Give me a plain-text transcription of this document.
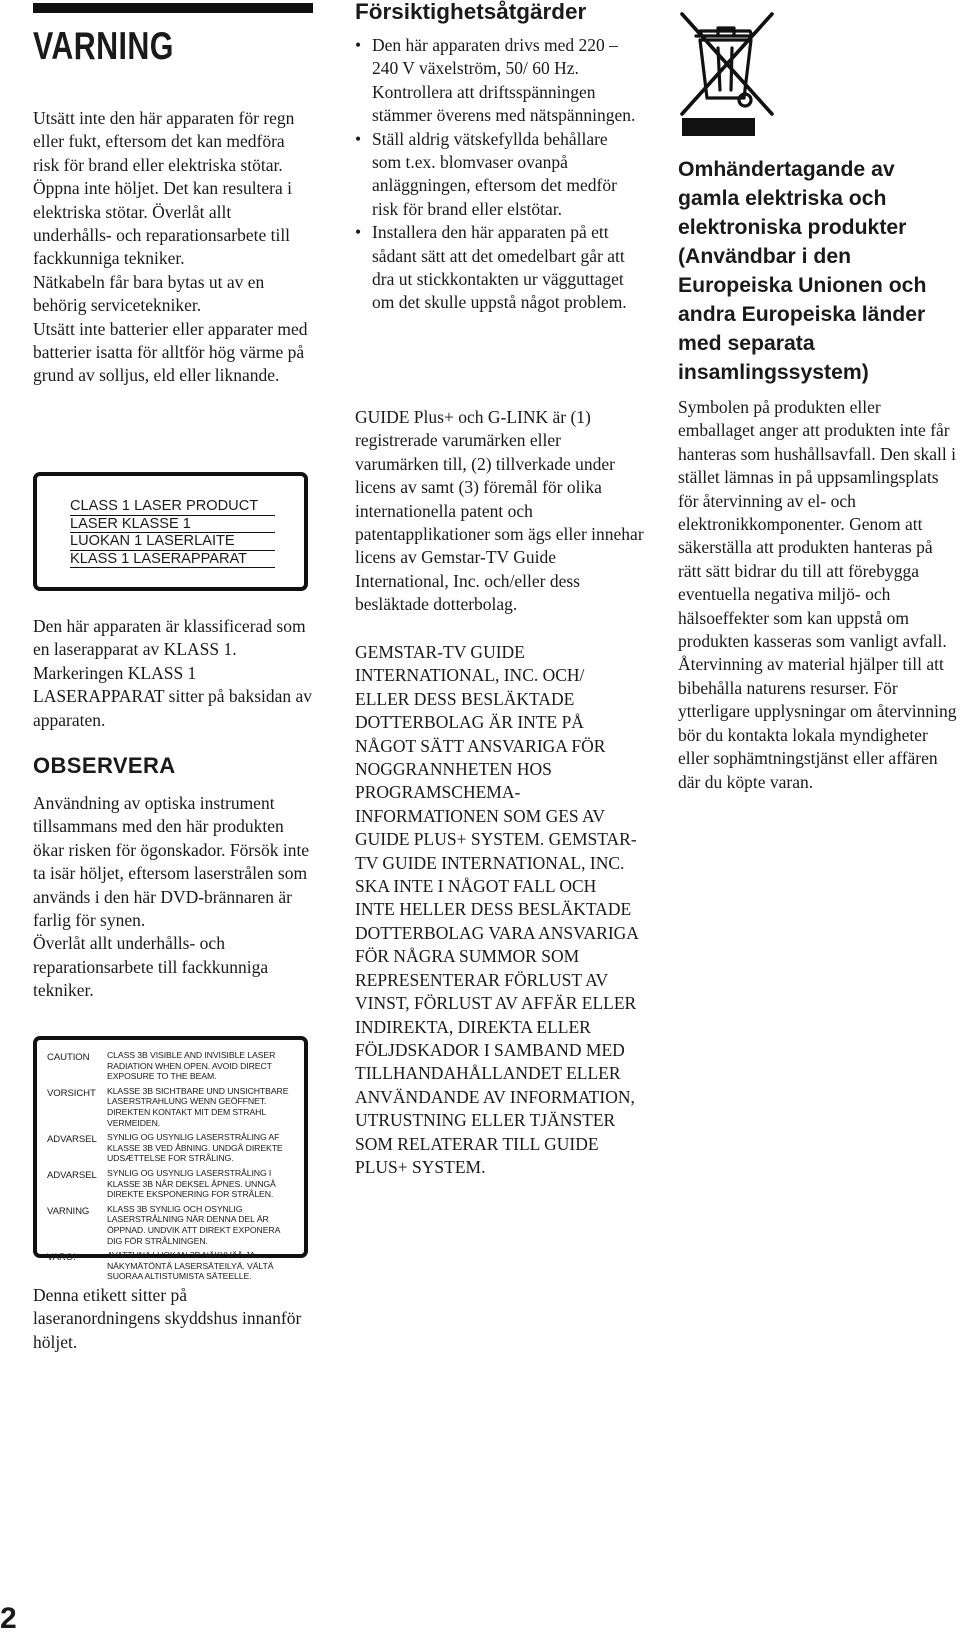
VARNING

Utsätt inte den här apparaten för regn eller fukt, eftersom det kan medföra risk för brand eller elektriska stötar.
Öppna inte höljet. Det kan resultera i elektriska stötar. Överlåt allt underhålls- och reparationsarbete till fackkunniga tekniker.
Nätkabeln får bara bytas ut av en behörig servicetekniker.
Utsätt inte batterier eller apparater med batterier isatta för alltför hög värme på grund av solljus, eld eller liknande.

CLASS 1 LASER PRODUCT
LASER KLASSE 1
LUOKAN 1 LASERLAITE
KLASS 1 LASERAPPARAT

Den här apparaten är klassificerad som en laserapparat av KLASS 1. Markeringen KLASS 1 LASERAPPARAT sitter på baksidan av apparaten.

OBSERVERA

Användning av optiska instrument tillsammans med den här produkten ökar risken för ögonskador. Försök inte ta isär höljet, eftersom laserstrålen som används i den här DVD-brännaren är farlig för synen.
Överlåt allt underhålls- och reparationsarbete till fackkunniga tekniker.

CAUTION	CLASS 3B VISIBLE AND INVISIBLE LASER RADIATION WHEN OPEN. AVOID DIRECT EXPOSURE TO THE BEAM.
VORSICHT	KLASSE 3B SICHTBARE UND UNSICHTBARE LASERSTRAHLUNG WENN GEÖFFNET. DIREKTEN KONTAKT MIT DEM STRAHL VERMEIDEN.
ADVARSEL	SYNLIG OG USYNLIG LASERSTRÅLING AF KLASSE 3B VED ÅBNING. UNDGÅ DIREKTE UDSÆTTELSE FOR STRÅLING.
ADVARSEL	SYNLIG OG USYNLIG LASERSTRÅLING I KLASSE 3B NÅR DEKSEL ÅPNES. UNNGÅ DIREKTE EKSPONERING FOR STRÅLEN.
VARNING	KLASS 3B SYNLIG OCH OSYNLIG LASERSTRÅLNING NÄR DENNA DEL ÄR ÖPPNAD. UNDVIK ATT DIREKT EXPONERA DIG FÖR STRÅLNINGEN.
VARO!	AVATTUNA LUOKAN 3B NÄKYVÄÄ JA NÄKYMÄTÖNTÄ LASERSÄTEILYÄ. VÄLTÄ SUORAA ALTISTUMISTA SÄTEELLE.

Denna etikett sitter på laseranordningens skyddshus innanför höljet.

Försiktighetsåtgärder
• Den här apparaten drivs med 220 – 240 V växelström, 50/ 60 Hz. Kontrollera att driftsspänningen stämmer överens med nätspänningen.
• Ställ aldrig vätskefyllda behållare som t.ex. blomvaser ovanpå anläggningen, eftersom det medför risk för brand eller elstötar.
• Installera den här apparaten på ett sådant sätt att det omedelbart går att dra ut stickkontakten ur vägguttaget om det skulle uppstå något problem.

GUIDE Plus+ och G-LINK är (1) registrerade varumärken eller varumärken till, (2) tillverkade under licens av samt (3) föremål för olika internationella patent och patentapplikationer som ägs eller innehar licens av Gemstar-TV Guide International, Inc. och/eller dess besläktade dotterbolag.

GEMSTAR-TV GUIDE INTERNATIONAL, INC. OCH/ ELLER DESS BESLÄKTADE DOTTERBOLAG ÄR INTE PÅ NÅGOT SÄTT ANSVARIGA FÖR NOGGRANNHETEN HOS PROGRAMSCHEMA-INFORMATIONEN SOM GES AV GUIDE PLUS+ SYSTEM. GEMSTAR-TV GUIDE INTERNATIONAL, INC. SKA INTE I NÅGOT FALL OCH INTE HELLER DESS BESLÄKTADE DOTTERBOLAG VARA ANSVARIGA FÖR NÅGRA SUMMOR SOM REPRESENTERAR FÖRLUST AV VINST, FÖRLUST AV AFFÄR ELLER INDIREKTA, DIREKTA ELLER FÖLJDSKADOR I SAMBAND MED TILLHANDAHÅLLANDET ELLER ANVÄNDANDE AV INFORMATION, UTRUSTNING ELLER TJÄNSTER SOM RELATERAR TILL GUIDE PLUS+ SYSTEM.

Omhändertagande av gamla elektriska och elektroniska produkter (Användbar i den Europeiska Unionen och andra Europeiska länder med separata insamlingssystem)

Symbolen på produkten eller emballaget anger att produkten inte får hanteras som hushållsavfall. Den skall i stället lämnas in på uppsamlingsplats för återvinning av el- och elektronikkomponenter. Genom att säkerställa att produkten hanteras på rätt sätt bidrar du till att förebygga eventuella negativa miljö- och hälsoeffekter som kan uppstå om produkten kasseras som vanligt avfall. Återvinning av material hjälper till att bibehålla naturens resurser. För ytterligare upplysningar om återvinning bör du kontakta lokala myndigheter eller sophämtningstjänst eller affären där du köpte varan.

2
